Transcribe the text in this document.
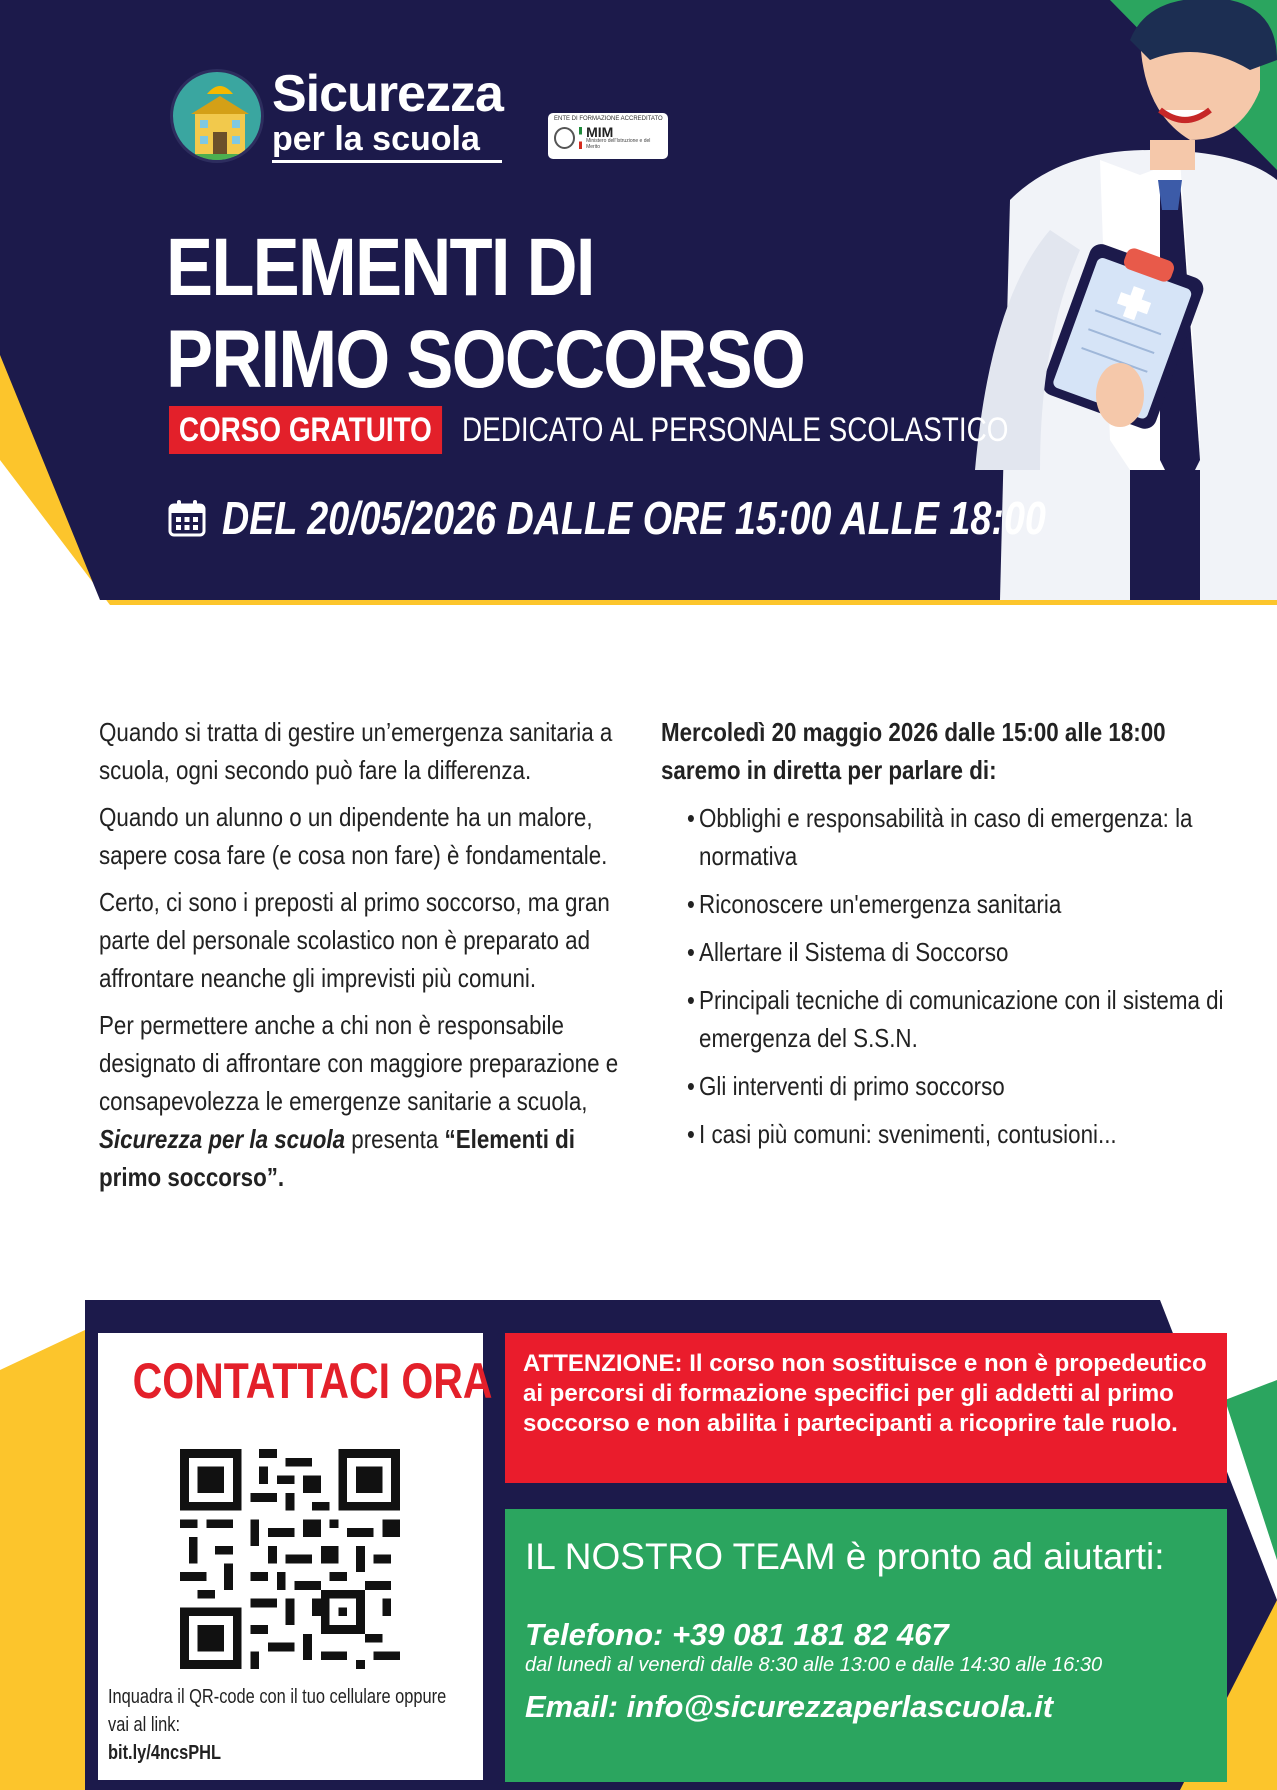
Sicurezza
per la scuola
ENTE DI FORMAZIONE ACCREDITATO
MIM
Ministero dell'Istruzione e del Merito
ELEMENTI DI
PRIMO SOCCORSO
CORSO GRATUITO DEDICATO AL PERSONALE SCOLASTICO
DEL 20/05/2026 DALLE ORE 15:00 ALLE 18:00

Quando si tratta di gestire un’emergenza sanitaria a scuola, ogni secondo può fare la differenza.

Quando un alunno o un dipendente ha un malore, sapere cosa fare (e cosa non fare) è fondamentale.

Certo, ci sono i preposti al primo soccorso, ma gran parte del personale scolastico non è preparato ad affrontare neanche gli imprevisti più comuni.

Per permettere anche a chi non è responsabile designato di affrontare con maggiore preparazione e consapevolezza le emergenze sanitarie a scuola, Sicurezza per la scuola presenta “Elementi di primo soccorso”.

Mercoledì 20 maggio 2026 dalle 15:00 alle 18:00 saremo in diretta per parlare di:
• Obblighi e responsabilità in caso di emergenza: la normativa
• Riconoscere un'emergenza sanitaria
• Allertare il Sistema di Soccorso
• Principali tecniche di comunicazione con il sistema di emergenza del S.S.N.
• Gli interventi di primo soccorso
• I casi più comuni: svenimenti, contusioni...
CONTATTACI ORA
Inquadra il QR-code con il tuo cellulare oppure vai al link:
bit.ly/4ncsPHL
ATTENZIONE: Il corso non sostituisce e non è propedeutico ai percorsi di formazione specifici per gli addetti al primo soccorso e non abilita i partecipanti a ricoprire tale ruolo.
IL NOSTRO TEAM è pronto ad aiutarti:
Telefono: +39 081 181 82 467
dal lunedì al venerdì dalle 8:30 alle 13:00 e dalle 14:30 alle 16:30
Email: info@sicurezzaperlascuola.it
